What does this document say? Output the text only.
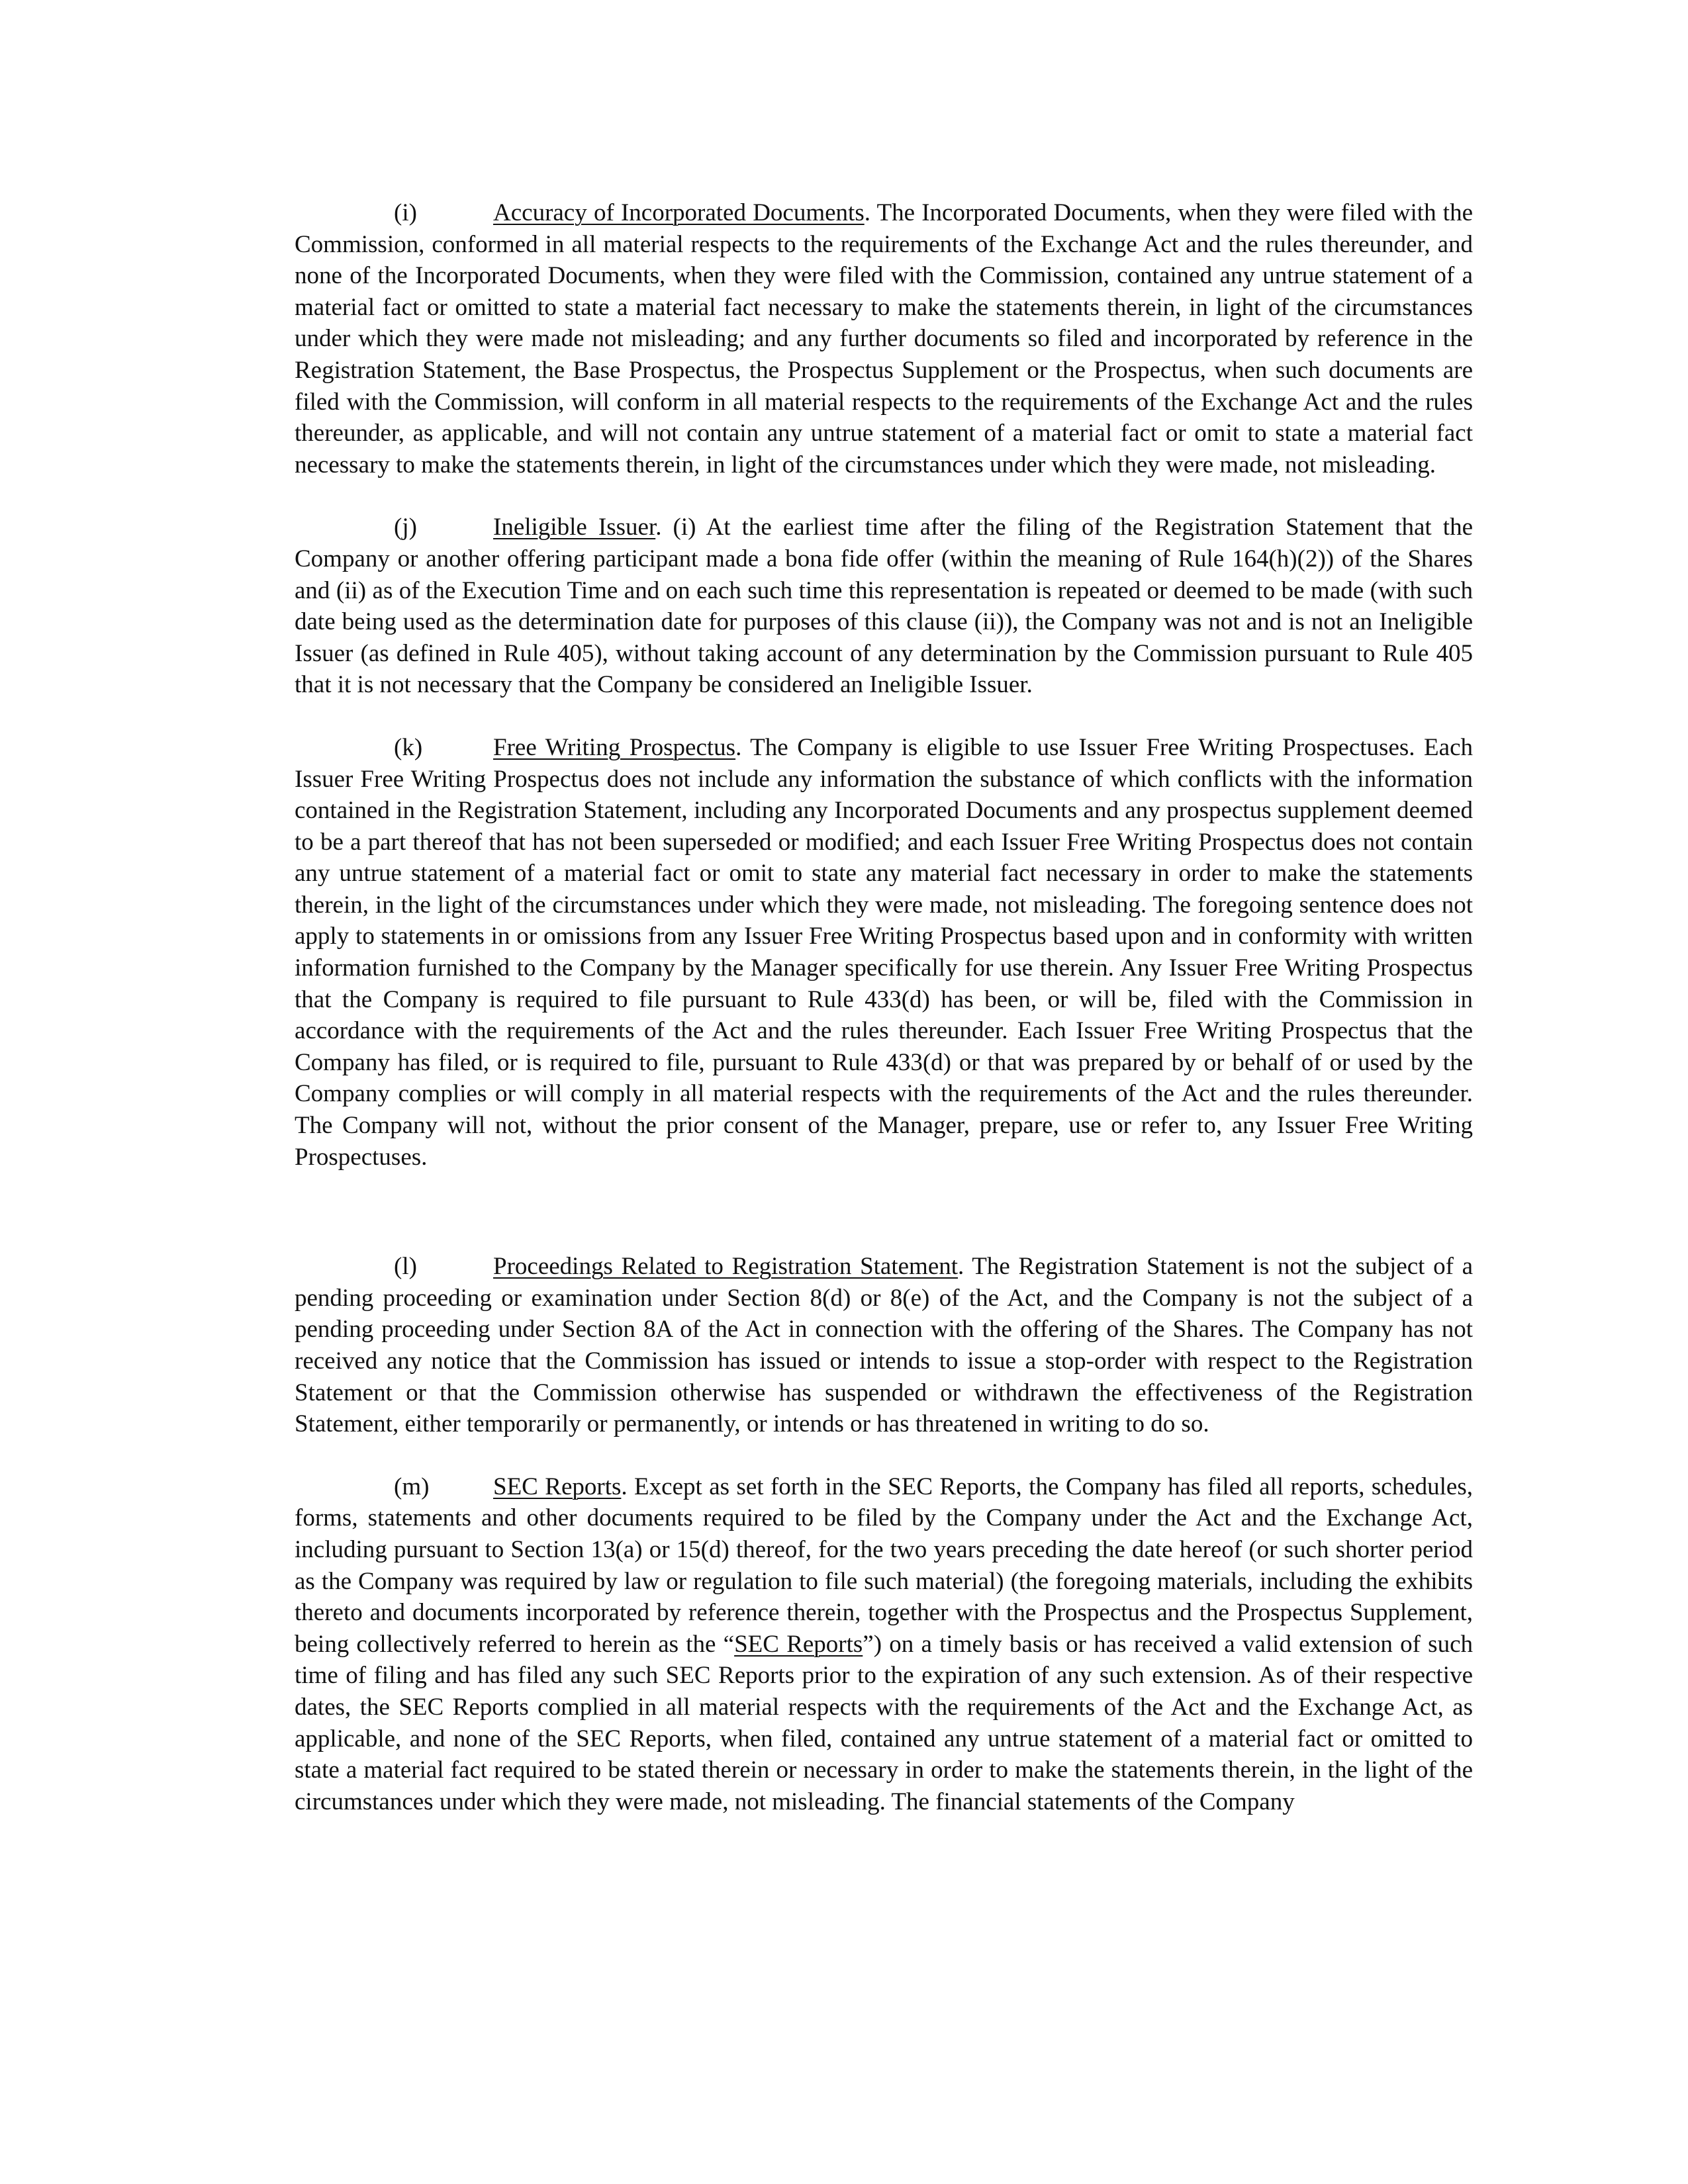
(i)	Accuracy of Incorporated Documents. The Incorporated Documents, when they were filed with the Commission, conformed in all material respects to the requirements of the Exchange Act and the rules thereunder, and none of the Incorporated Documents, when they were filed with the Commission, contained any untrue statement of a material fact or omitted to state a material fact necessary to make the statements therein, in light of the circumstances under which they were made not misleading; and any further documents so filed and incorporated by reference in the Registration Statement, the Base Prospectus, the Prospectus Supplement or the Prospectus, when such documents are filed with the Commission, will conform in all material respects to the requirements of the Exchange Act and the rules thereunder, as applicable, and will not contain any untrue statement of a material fact or omit to state a material fact necessary to make the statements therein, in light of the circumstances under which they were made, not misleading.

(j)	Ineligible Issuer. (i) At the earliest time after the filing of the Registration Statement that the Company or another offering participant made a bona fide offer (within the meaning of Rule 164(h)(2)) of the Shares and (ii) as of the Execution Time and on each such time this representation is repeated or deemed to be made (with such date being used as the determination date for purposes of this clause (ii)), the Company was not and is not an Ineligible Issuer (as defined in Rule 405), without taking account of any determination by the Commission pursuant to Rule 405 that it is not necessary that the Company be considered an Ineligible Issuer.

(k)	Free Writing Prospectus. The Company is eligible to use Issuer Free Writing Prospectuses. Each Issuer Free Writing Prospectus does not include any information the substance of which conflicts with the information contained in the Registration Statement, including any Incorporated Documents and any prospectus supplement deemed to be a part thereof that has not been superseded or modified; and each Issuer Free Writing Prospectus does not contain any untrue statement of a material fact or omit to state any material fact necessary in order to make the statements therein, in the light of the circumstances under which they were made, not misleading. The foregoing sentence does not apply to statements in or omissions from any Issuer Free Writing Prospectus based upon and in conformity with written information furnished to the Company by the Manager specifically for use therein. Any Issuer Free Writing Prospectus that the Company is required to file pursuant to Rule 433(d) has been, or will be, filed with the Commission in accordance with the requirements of the Act and the rules thereunder. Each Issuer Free Writing Prospectus that the Company has filed, or is required to file, pursuant to Rule 433(d) or that was prepared by or behalf of or used by the Company complies or will comply in all material respects with the requirements of the Act and the rules thereunder. The Company will not, without the prior consent of the Manager, prepare, use or refer to, any Issuer Free Writing Prospectuses.

(l)	Proceedings Related to Registration Statement. The Registration Statement is not the subject of a pending proceeding or examination under Section 8(d) or 8(e) of the Act, and the Company is not the subject of a pending proceeding under Section 8A of the Act in connection with the offering of the Shares. The Company has not received any notice that the Commission has issued or intends to issue a stop-order with respect to the Registration Statement or that the Commission otherwise has suspended or withdrawn the effectiveness of the Registration Statement, either temporarily or permanently, or intends or has threatened in writing to do so.

(m)	SEC Reports. Except as set forth in the SEC Reports, the Company has filed all reports, schedules, forms, statements and other documents required to be filed by the Company under the Act and the Exchange Act, including pursuant to Section 13(a) or 15(d) thereof, for the two years preceding the date hereof (or such shorter period as the Company was required by law or regulation to file such material) (the foregoing materials, including the exhibits thereto and documents incorporated by reference therein, together with the Prospectus and the Prospectus Supplement, being collectively referred to herein as the “SEC Reports”) on a timely basis or has received a valid extension of such time of filing and has filed any such SEC Reports prior to the expiration of any such extension. As of their respective dates, the SEC Reports complied in all material respects with the requirements of the Act and the Exchange Act, as applicable, and none of the SEC Reports, when filed, contained any untrue statement of a material fact or omitted to state a material fact required to be stated therein or necessary in order to make the statements therein, in the light of the circumstances under which they were made, not misleading. The financial statements of the Company
